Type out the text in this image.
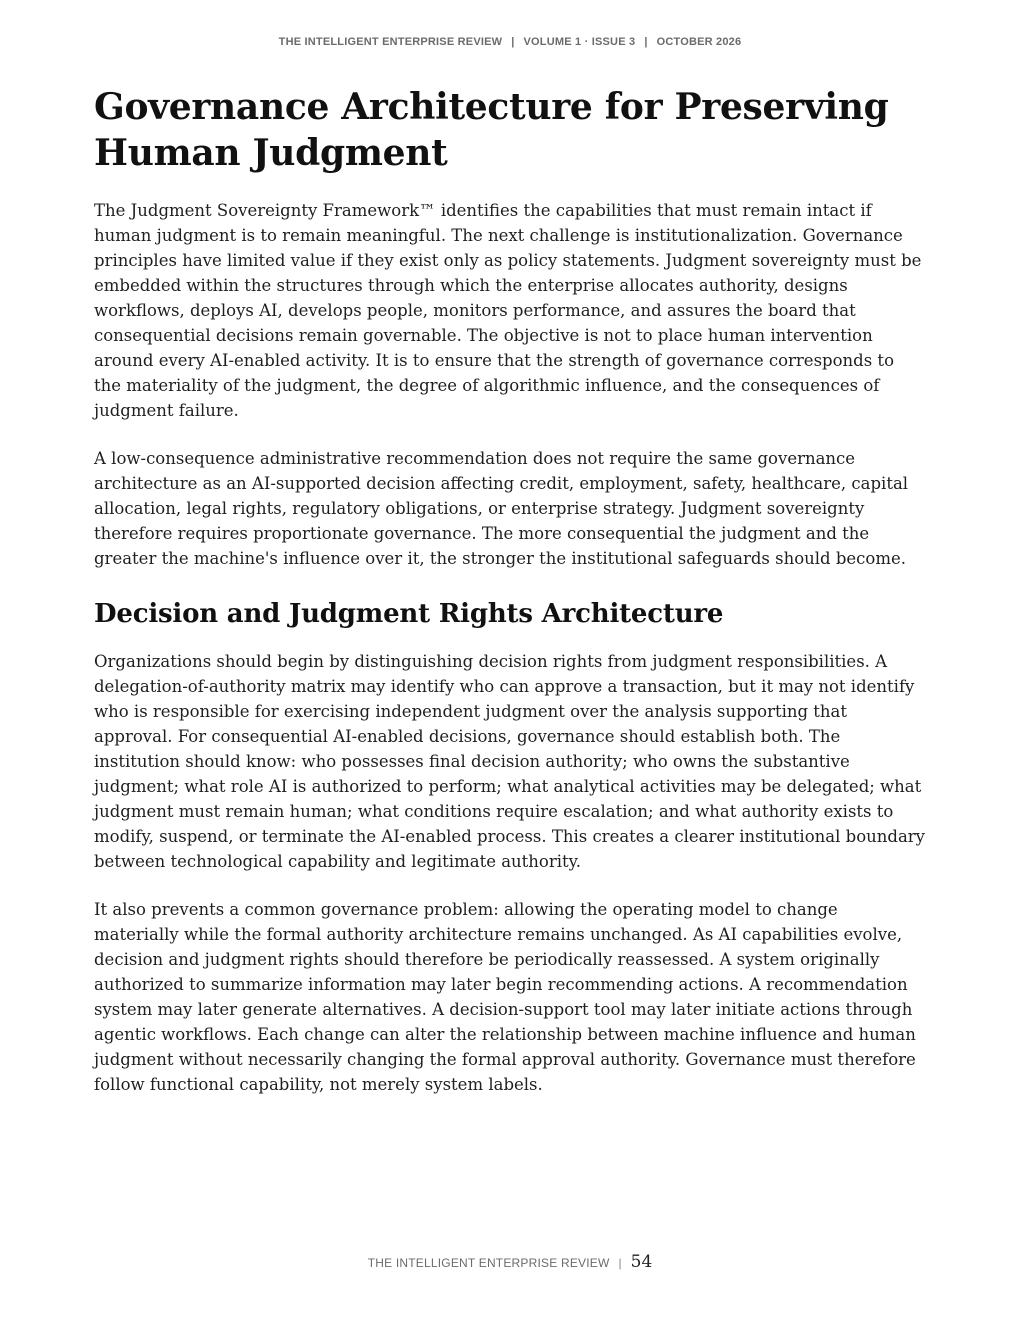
THE INTELLIGENT ENTERPRISE REVIEW | VOLUME 1 · ISSUE 3 | OCTOBER 2026
Governance Architecture for Preserving Human Judgment

The Judgment Sovereignty Framework™ identifies the capabilities that must remain intact if human judgment is to remain meaningful. The next challenge is institutionalization. Governance principles have limited value if they exist only as policy statements. Judgment sovereignty must be embedded within the structures through which the enterprise allocates authority, designs workflows, deploys AI, develops people, monitors performance, and assures the board that consequential decisions remain governable. The objective is not to place human intervention around every AI-enabled activity. It is to ensure that the strength of governance corresponds to the materiality of the judgment, the degree of algorithmic influence, and the consequences of judgment failure.

A low-consequence administrative recommendation does not require the same governance architecture as an AI-supported decision affecting credit, employment, safety, healthcare, capital allocation, legal rights, regulatory obligations, or enterprise strategy. Judgment sovereignty therefore requires proportionate governance. The more consequential the judgment and the greater the machine's influence over it, the stronger the institutional safeguards should become.

Decision and Judgment Rights Architecture

Organizations should begin by distinguishing decision rights from judgment responsibilities. A delegation-of-authority matrix may identify who can approve a transaction, but it may not identify who is responsible for exercising independent judgment over the analysis supporting that approval. For consequential AI-enabled decisions, governance should establish both. The institution should know: who possesses final decision authority; who owns the substantive judgment; what role AI is authorized to perform; what analytical activities may be delegated; what judgment must remain human; what conditions require escalation; and what authority exists to modify, suspend, or terminate the AI-enabled process. This creates a clearer institutional boundary between technological capability and legitimate authority.

It also prevents a common governance problem: allowing the operating model to change materially while the formal authority architecture remains unchanged. As AI capabilities evolve, decision and judgment rights should therefore be periodically reassessed. A system originally authorized to summarize information may later begin recommending actions. A recommendation system may later generate alternatives. A decision-support tool may later initiate actions through agentic workflows. Each change can alter the relationship between machine influence and human judgment without necessarily changing the formal approval authority. Governance must therefore follow functional capability, not merely system labels.

THE INTELLIGENT ENTERPRISE REVIEW | 54
